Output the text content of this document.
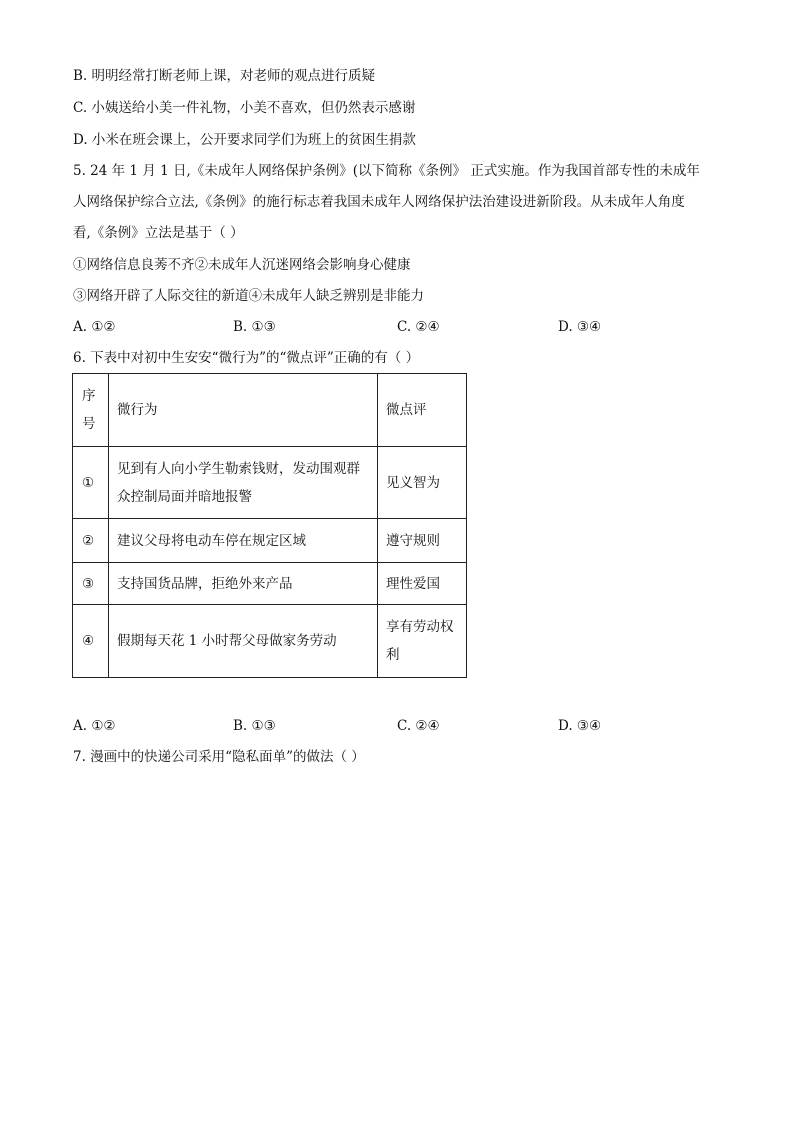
B. 明明经常打断老师上课，对老师的观点进行质疑
C. 小姨送给小美一件礼物，小美不喜欢，但仍然表示感谢
D. 小米在班会课上，公开要求同学们为班上的贫困生捐款
5. 24 年 1 月 1 日,《未成年人网络保护条例》(以下简称《条例》 正式实施。作为我国首部专性的未成年
人网络保护综合立法,《条例》的施行标志着我国未成年人网络保护法治建设进新阶段。从未成年人角度
看,《条例》立法是基于（ ）
①网络信息良莠不齐②未成年人沉迷网络会影响身心健康
③网络开辟了人际交往的新道④未成年人缺乏辨别是非能力
A. ①②	B. ①③	C. ②④	D. ③④
6. 下表中对初中生安安“微行为”的“微点评”正确的有（ ）
序号	微行为	微点评
①	见到有人向小学生勒索钱财，发动围观群众控制局面并暗地报警	见义智为
②	建议父母将电动车停在规定区域	遵守规则
③	支持国货品牌，拒绝外来产品	理性爱国
④	假期每天花 1 小时帮父母做家务劳动	享有劳动权利
A. ①②	B. ①③	C. ②④	D. ③④
7. 漫画中的快递公司采用“隐私面单”的做法（ ）
